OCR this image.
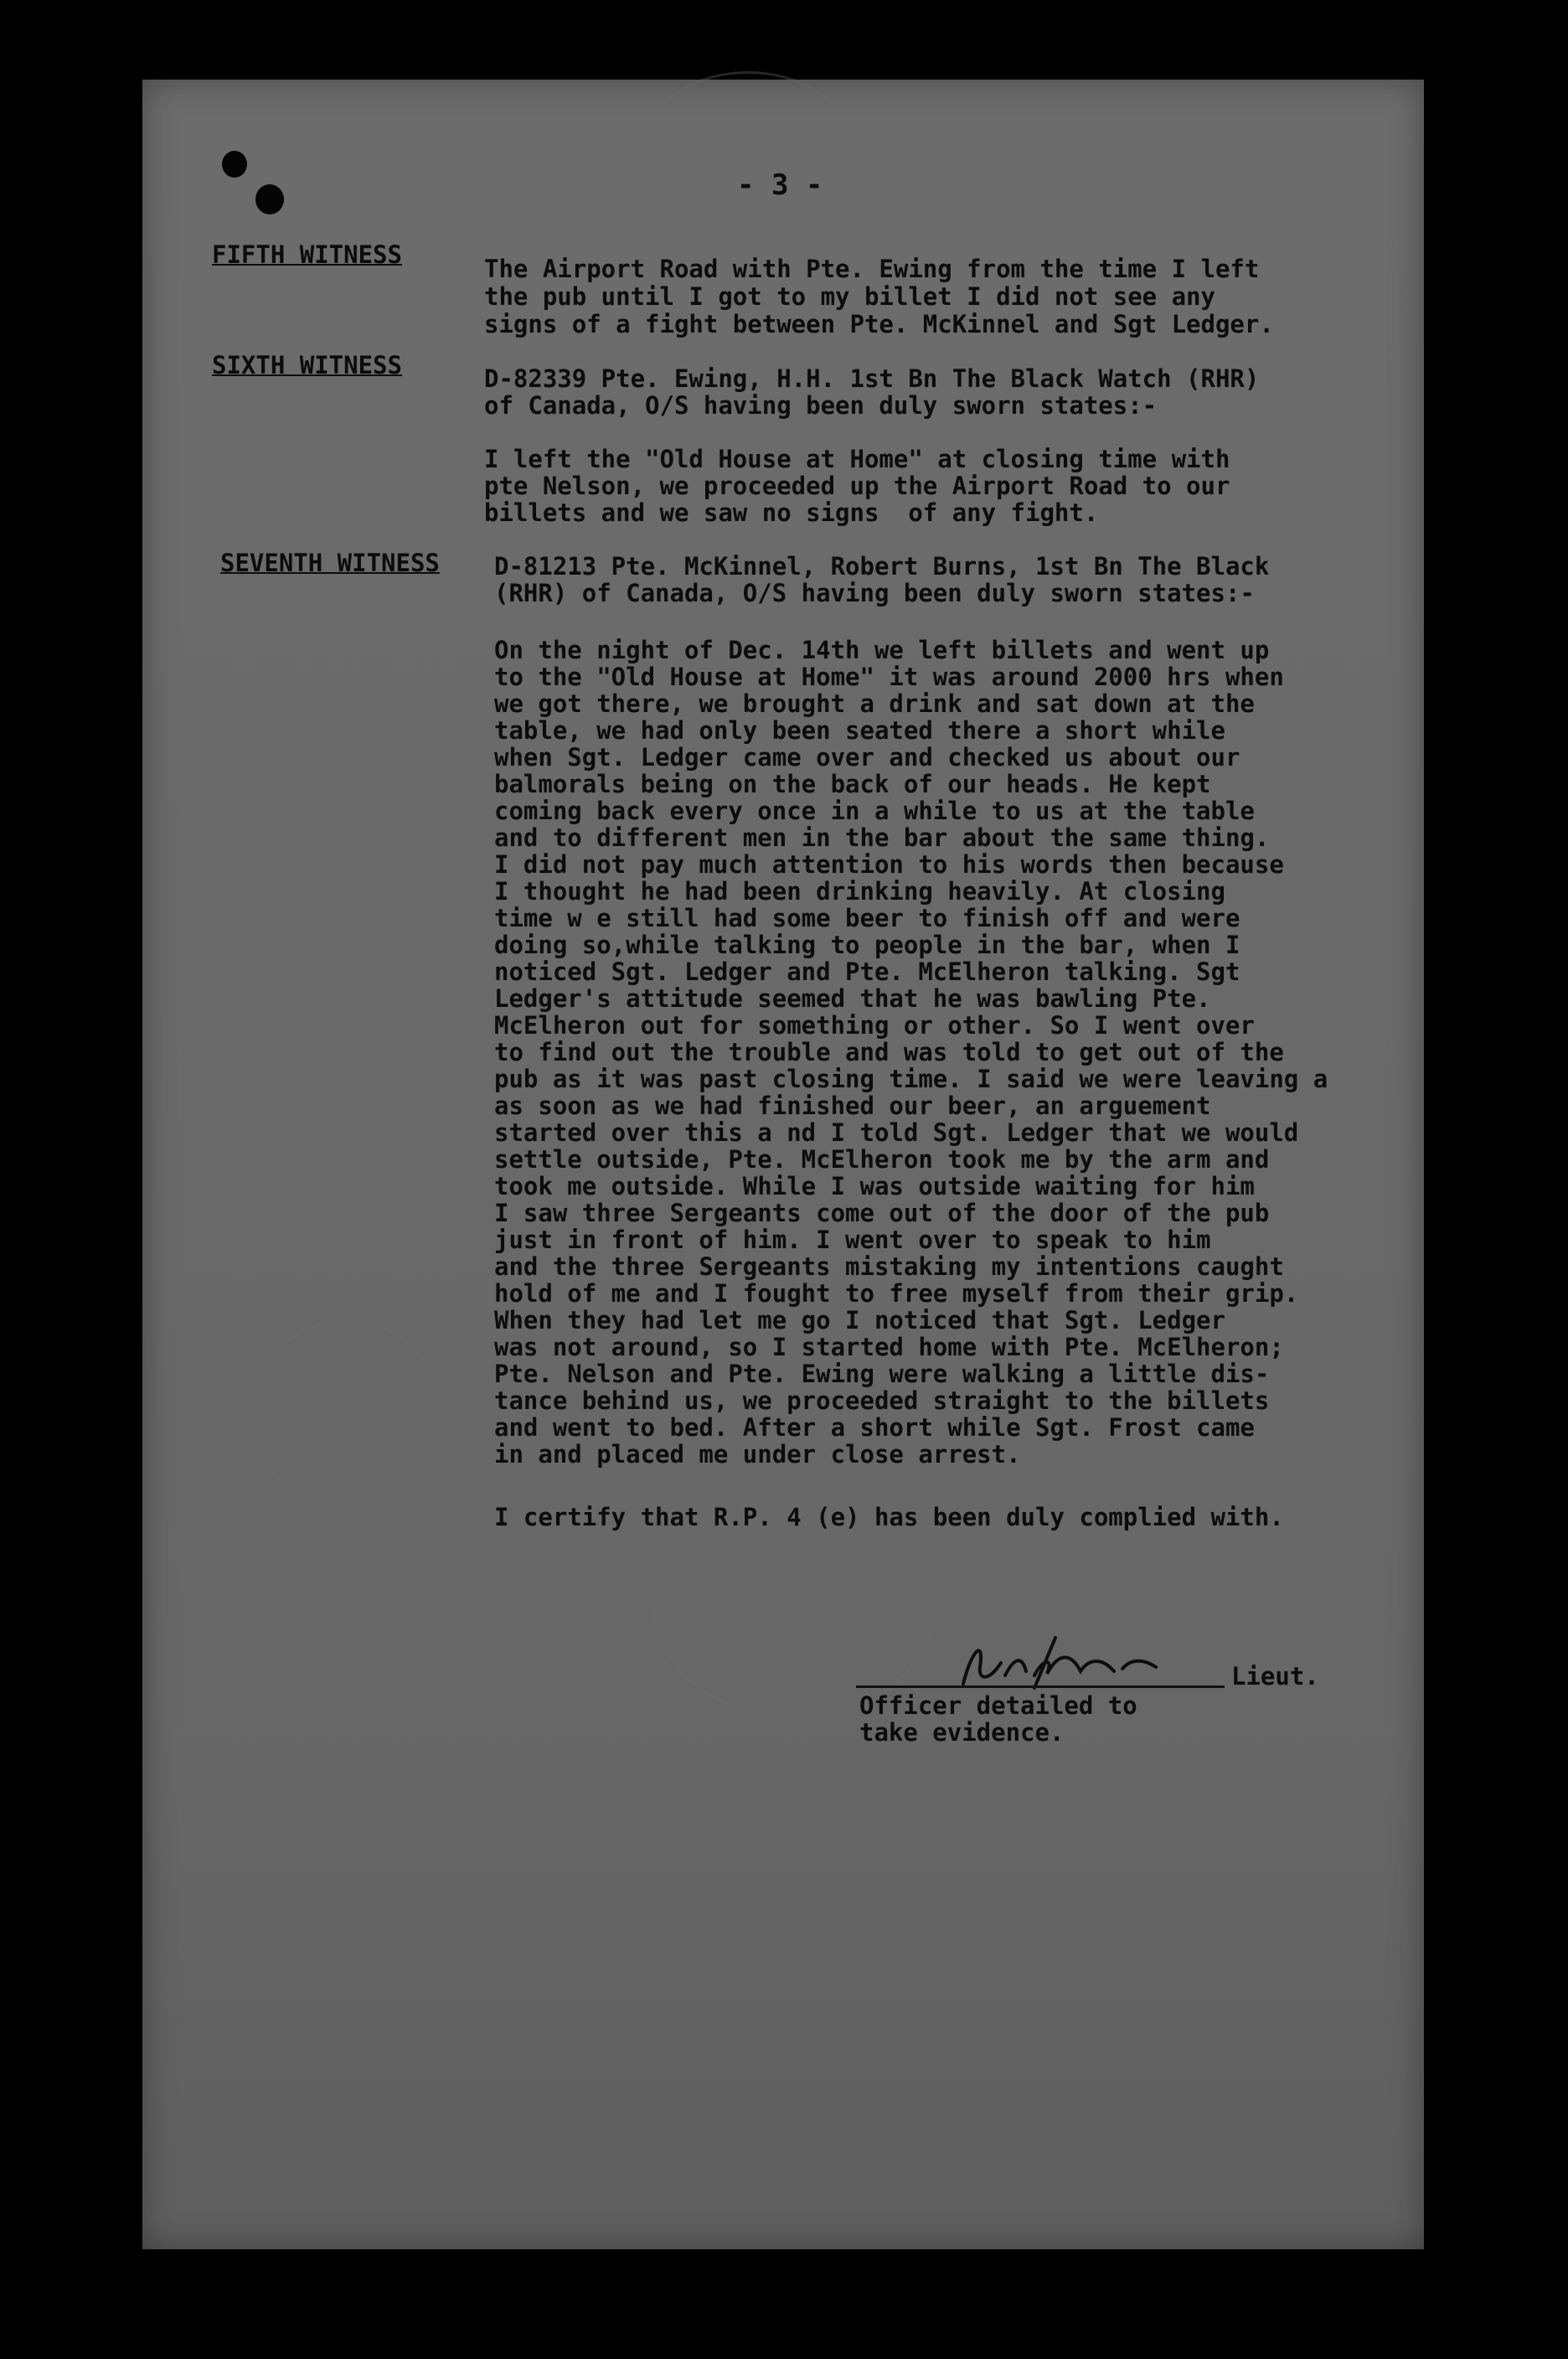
- 3 -

FIFTH WITNESS	The Airport Road with Pte. Ewing from the time I left

the pub until I got to my billet I did not see any

signs of a fight between Pte. McKinnel and Sgt Ledger.

SIXTH WITNESS	D-82339 Pte. Ewing, H.H. 1st Bn The Black Watch (RHR)

of Canada, O/S having been duly sworn states:-

I left the "Old House at Home" at closing time with

pte Nelson, we proceeded up the Airport Road to our

billets and we saw no signs  of any fight.

SEVENTH WITNESS D-81213 Pte. McKinnel, Robert Burns, 1st Bn The Black

(RHR) of Canada, O/S having been duly sworn states:-

On the night of Dec. 14th we left billets and went up

to the "Old House at Home" it was around 2000 hrs when

we got there, we brought a drink and sat down at the

table, we had only been seated there a short while

when Sgt. Ledger came over and checked us about our

balmorals being on the back of our heads. He kept

coming back every once in a while to us at the table

and to different men in the bar about the same thing.

I did not pay much attention to his words then because

I thought he had been drinking heavily. At closing

time w e still had some beer to finish off and were

doing so,while talking to people in the bar, when I

noticed Sgt. Ledger and Pte. McElheron talking. Sgt

Ledger's attitude seemed that he was bawling Pte.

McElheron out for something or other. So I went over

to find out the trouble and was told to get out of the

pub as it was past closing time. I said we were leaving a

as soon as we had finished our beer, an arguement

started over this a nd I told Sgt. Ledger that we would

settle outside, Pte. McElheron took me by the arm and

took me outside. While I was outside waiting for him

I saw three Sergeants come out of the door of the pub

just in front of him. I went over to speak to him

and the three Sergeants mistaking my intentions caught

hold of me and I fought to free myself from their grip.

When they had let me go I noticed that Sgt. Ledger

was not around, so I started home with Pte. McElheron;

Pte. Nelson and Pte. Ewing were walking a little dis-

tance behind us, we proceeded straight to the billets

and went to bed. After a short while Sgt. Frost came

in and placed me under close arrest.

I certify that R.P. 4 (e) has been duly complied with.

Lieut.

Officer detailed to

take evidence.
